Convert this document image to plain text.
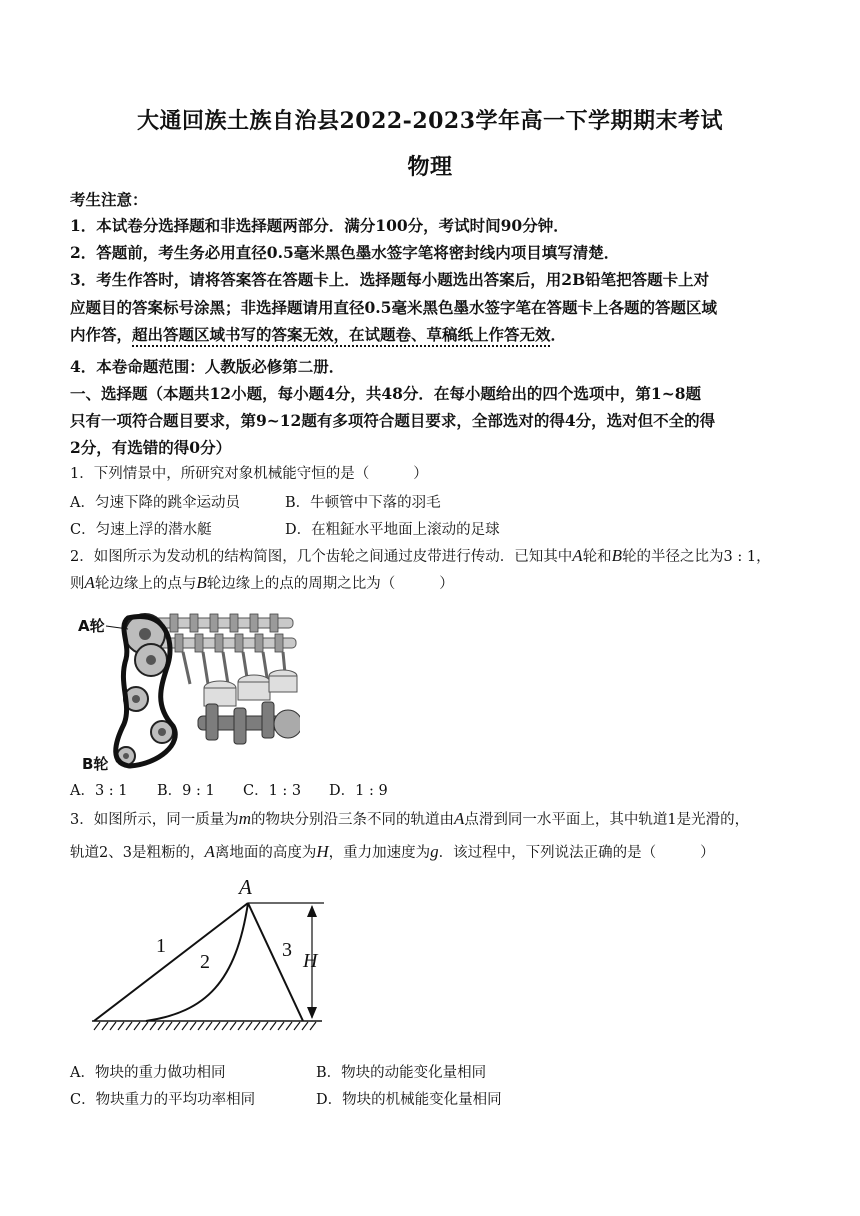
大通回族土族自治县2022-2023学年高一下学期期末考试
物理
考生注意：
1．本试卷分选择题和非选择题两部分．满分100分，考试时间90分钟．
2．答题前，考生务必用直径0.5毫米黑色墨水签字笔将密封线内项目填写清楚．
3．考生作答时，请将答案答在答题卡上．选择题每小题选出答案后，用2B铅笔把答题卡上对
应题目的答案标号涂黑；非选择题请用直径0.5毫米黑色墨水签字笔在答题卡上各题的答题区域
内作答，超出答题区域书写的答案无效，在试题卷、草稿纸上作答无效．
4．本卷命题范围：人教版必修第二册．
一、选择题（本题共12小题，每小题4分，共48分．在每小题给出的四个选项中，第1~8题
只有一项符合题目要求，第9~12题有多项符合题目要求，全部选对的得4分，选对但不全的得
2分，有选错的得0分）
1．下列情景中，所研究对象机械能守恒的是（	）
A．匀速下降的跳伞运动员	B．牛顿管中下落的羽毛
C．匀速上浮的潜水艇	D．在粗鉦水平地面上滚动的足球
2．如图所示为发动机的结构简图，几个齿轮之间通过皮带进行传动．已知其中A轮和B轮的半径之比为3 : 1，
则A轮边缘上的点与B轮边缘上的点的周期之比为（	）
A轮
B轮
A．3 : 1 B．9 : 1 C．1 : 3 D．1 : 9
3．如图所示，同一质量为m的物块分别沿三条不同的轨道由A点滑到同一水平面上，其中轨道1是光滑的，
轨道2、3是粗粝的，A离地面的高度为H，重力加速度为g．该过程中，下列说法正确的是（	）
A
1
2
3 H
A．物块的重力做功相同	B．物块的动能变化量相同
C．物块重力的平均功率相同	D．物块的机械能变化量相同
